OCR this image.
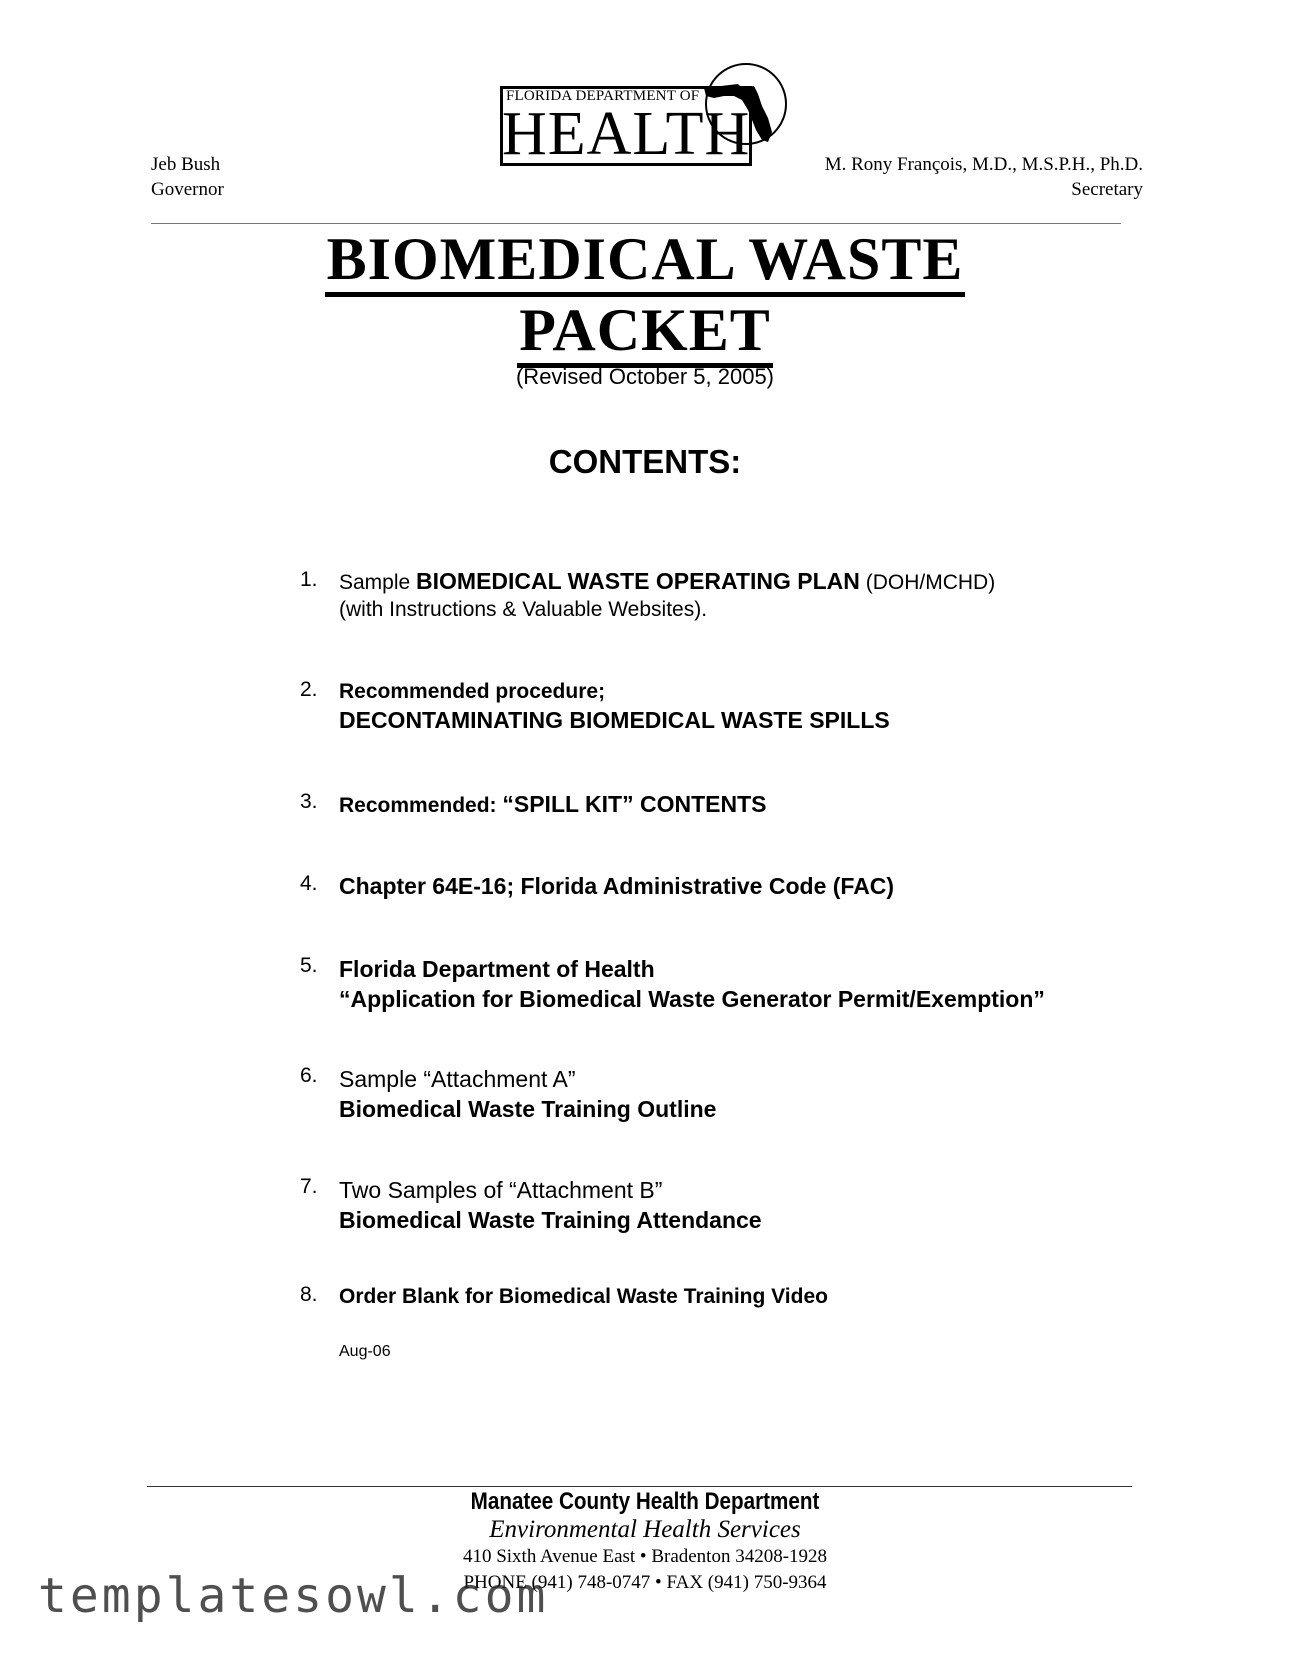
Jeb Bush
Governor
FLORIDA DEPARTMENT OF
HEALTH	M. Rony François, M.D., M.S.P.H., Ph.D.
Secretary
BIOMEDICAL WASTE
PACKET
(Revised October 5, 2005)
CONTENTS:
1. Sample BIOMEDICAL WASTE OPERATING PLAN (DOH/MCHD)
(with Instructions & Valuable Websites).
2. Recommended procedure;
DECONTAMINATING BIOMEDICAL WASTE SPILLS
3. Recommended: “SPILL KIT” CONTENTS
4. Chapter 64E-16; Florida Administrative Code (FAC)
5. Florida Department of Health
“Application for Biomedical Waste Generator Permit/Exemption”
6. Sample “Attachment A”
Biomedical Waste Training Outline
7. Two Samples of “Attachment B”
Biomedical Waste Training Attendance
8. Order Blank for Biomedical Waste Training Video
Aug-06
Manatee County Health Department
Environmental Health Services
410 Sixth Avenue East • Bradenton 34208-1928
PHONE (941) 748-0747 • FAX (941) 750-9364
templatesowl.com
